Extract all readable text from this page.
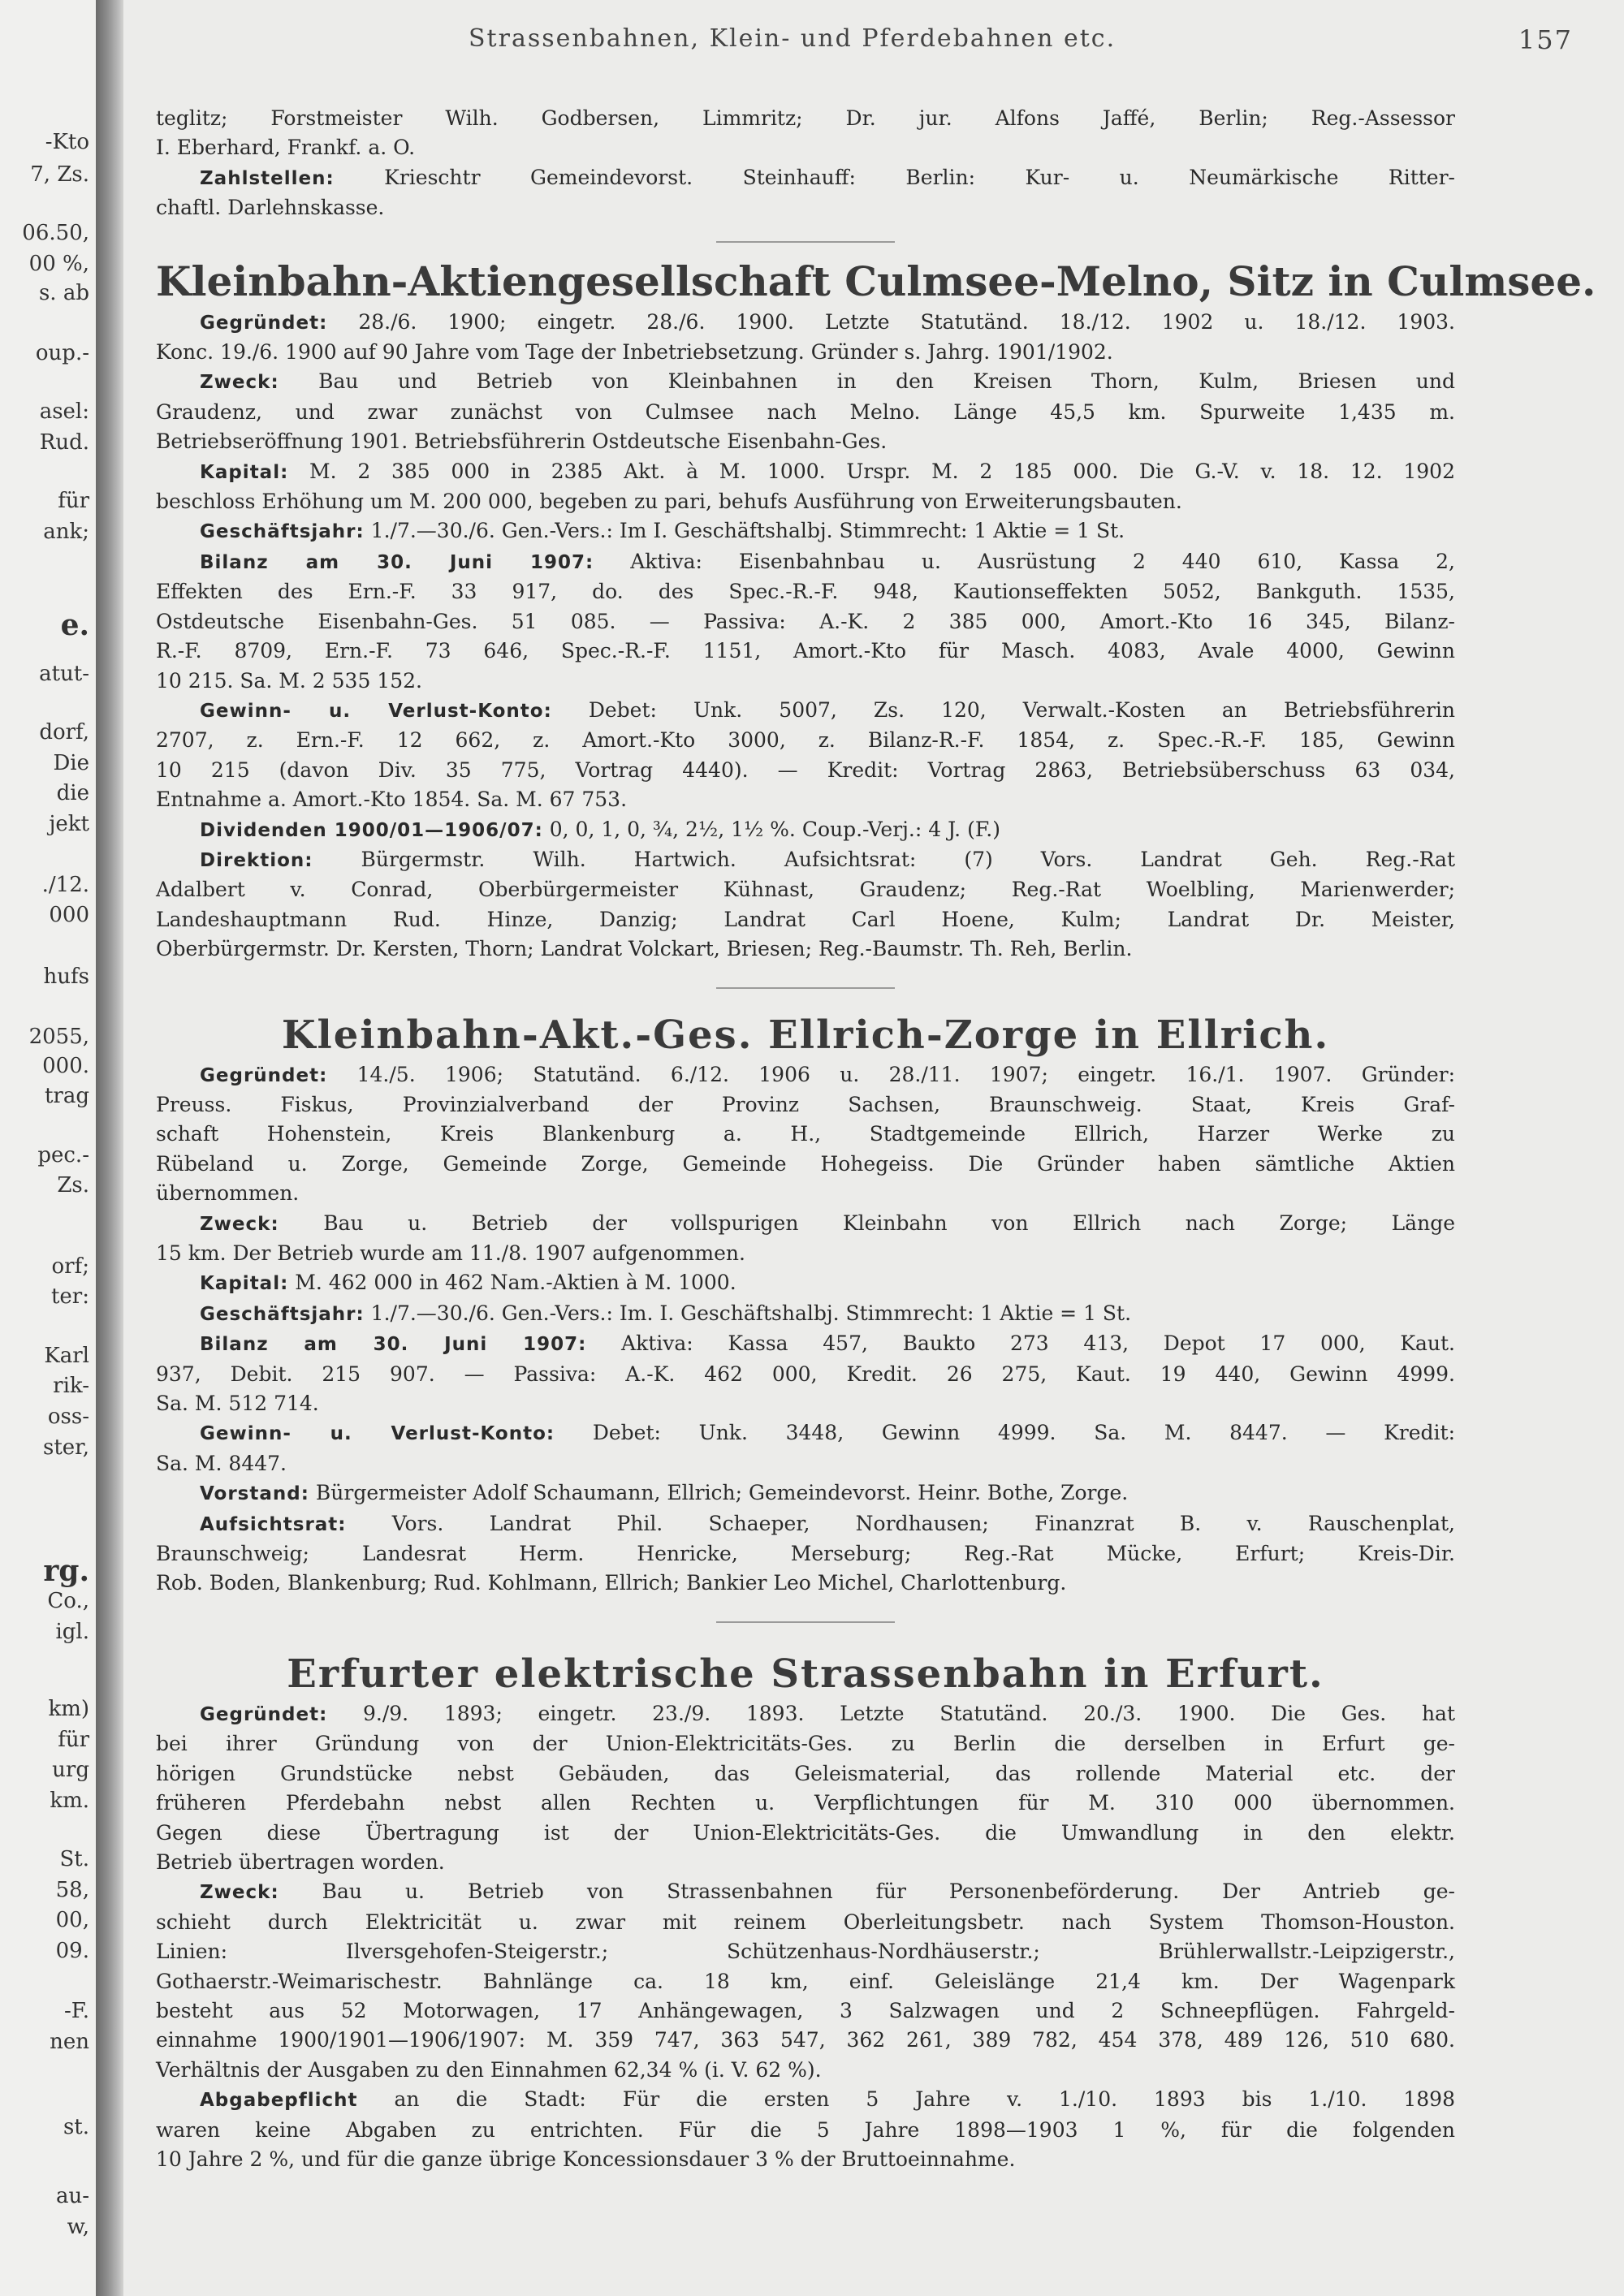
-Kto
7, Zs.
06.50,
00 %,
s. ab
oup.-
asel:
Rud.
für
ank;
e.
atut-
dorf,
Die
die
jekt
./12.
000
hufs
2055,
000.
trag
pec.-
Zs.
orf;
ter:
Karl
rik-
oss-
ster,
rg.
Co.,
igl.
km)
für
urg
km.
St.
58,
00,
09.
-F.
nen
st.
au-
w,
Strassenbahnen, Klein- und Pferdebahnen etc.	157

teglitz; Forstmeister Wilh. Godbersen, Limmritz; Dr. jur. Alfons Jaffé, Berlin; Reg.-Assessor

I. Eberhard, Frankf. a. O.

Zahlstellen: Krieschtr Gemeindevorst. Steinhauff: Berlin: Kur- u. Neumärkische Ritter-

chaftl. Darlehnskasse.

Kleinbahn-Aktiengesellschaft Culmsee-Melno, Sitz in Culmsee.

Gegründet: 28./6. 1900; eingetr. 28./6. 1900. Letzte Statutänd. 18./12. 1902 u. 18./12. 1903.

Konc. 19./6. 1900 auf 90 Jahre vom Tage der Inbetriebsetzung. Gründer s. Jahrg. 1901/1902.

Zweck: Bau und Betrieb von Kleinbahnen in den Kreisen Thorn, Kulm, Briesen und

Graudenz, und zwar zunächst von Culmsee nach Melno. Länge 45,5 km. Spurweite 1,435 m.

Betriebseröffnung 1901. Betriebsführerin Ostdeutsche Eisenbahn-Ges.

Kapital: M. 2 385 000 in 2385 Akt. à M. 1000. Urspr. M. 2 185 000. Die G.-V. v. 18. 12. 1902

beschloss Erhöhung um M. 200 000, begeben zu pari, behufs Ausführung von Erweiterungsbauten.

Geschäftsjahr: 1./7.—30./6. Gen.-Vers.: Im I. Geschäftshalbj. Stimmrecht: 1 Aktie = 1 St.

Bilanz am 30. Juni 1907: Aktiva: Eisenbahnbau u. Ausrüstung 2 440 610, Kassa 2,

Effekten des Ern.-F. 33 917, do. des Spec.-R.-F. 948, Kautionseffekten 5052, Bankguth. 1535,

Ostdeutsche Eisenbahn-Ges. 51 085. — Passiva: A.-K. 2 385 000, Amort.-Kto 16 345, Bilanz-

R.-F. 8709, Ern.-F. 73 646, Spec.-R.-F. 1151, Amort.-Kto für Masch. 4083, Avale 4000, Gewinn

10 215. Sa. M. 2 535 152.

Gewinn- u. Verlust-Konto: Debet: Unk. 5007, Zs. 120, Verwalt.-Kosten an Betriebsführerin

2707, z. Ern.-F. 12 662, z. Amort.-Kto 3000, z. Bilanz-R.-F. 1854, z. Spec.-R.-F. 185, Gewinn

10 215 (davon Div. 35 775, Vortrag 4440). — Kredit: Vortrag 2863, Betriebsüberschuss 63 034,

Entnahme a. Amort.-Kto 1854. Sa. M. 67 753.

Dividenden 1900/01—1906/07: 0, 0, 1, 0, ¾, 2½, 1½ %. Coup.-Verj.: 4 J. (F.)

Direktion: Bürgermstr. Wilh. Hartwich. Aufsichtsrat: (7) Vors. Landrat Geh. Reg.-Rat

Adalbert v. Conrad, Oberbürgermeister Kühnast, Graudenz; Reg.-Rat Woelbling, Marienwerder;

Landeshauptmann Rud. Hinze, Danzig; Landrat Carl Hoene, Kulm; Landrat Dr. Meister,

Oberbürgermstr. Dr. Kersten, Thorn; Landrat Volckart, Briesen; Reg.-Baumstr. Th. Reh, Berlin.

Kleinbahn-Akt.-Ges. Ellrich-Zorge in Ellrich.

Gegründet: 14./5. 1906; Statutänd. 6./12. 1906 u. 28./11. 1907; eingetr. 16./1. 1907. Gründer:

Preuss. Fiskus, Provinzialverband der Provinz Sachsen, Braunschweig. Staat, Kreis Graf-

schaft Hohenstein, Kreis Blankenburg a. H., Stadtgemeinde Ellrich, Harzer Werke zu

Rübeland u. Zorge, Gemeinde Zorge, Gemeinde Hohegeiss. Die Gründer haben sämtliche Aktien

übernommen.

Zweck: Bau u. Betrieb der vollspurigen Kleinbahn von Ellrich nach Zorge; Länge

15 km. Der Betrieb wurde am 11./8. 1907 aufgenommen.

Kapital: M. 462 000 in 462 Nam.-Aktien à M. 1000.

Geschäftsjahr: 1./7.—30./6. Gen.-Vers.: Im. I. Geschäftshalbj. Stimmrecht: 1 Aktie = 1 St.

Bilanz am 30. Juni 1907: Aktiva: Kassa 457, Baukto 273 413, Depot 17 000, Kaut.

937, Debit. 215 907. — Passiva: A.-K. 462 000, Kredit. 26 275, Kaut. 19 440, Gewinn 4999.

Sa. M. 512 714.

Gewinn- u. Verlust-Konto: Debet: Unk. 3448, Gewinn 4999. Sa. M. 8447. — Kredit:

Sa. M. 8447.

Vorstand: Bürgermeister Adolf Schaumann, Ellrich; Gemeindevorst. Heinr. Bothe, Zorge.

Aufsichtsrat: Vors. Landrat Phil. Schaeper, Nordhausen; Finanzrat B. v. Rauschenplat,

Braunschweig; Landesrat Herm. Henricke, Merseburg; Reg.-Rat Mücke, Erfurt; Kreis-Dir.

Rob. Boden, Blankenburg; Rud. Kohlmann, Ellrich; Bankier Leo Michel, Charlottenburg.

Erfurter elektrische Strassenbahn in Erfurt.

Gegründet: 9./9. 1893; eingetr. 23./9. 1893. Letzte Statutänd. 20./3. 1900. Die Ges. hat

bei ihrer Gründung von der Union-Elektricitäts-Ges. zu Berlin die derselben in Erfurt ge-

hörigen Grundstücke nebst Gebäuden, das Geleismaterial, das rollende Material etc. der

früheren Pferdebahn nebst allen Rechten u. Verpflichtungen für M. 310 000 übernommen.

Gegen diese Übertragung ist der Union-Elektricitäts-Ges. die Umwandlung in den elektr.

Betrieb übertragen worden.

Zweck: Bau u. Betrieb von Strassenbahnen für Personenbeförderung. Der Antrieb ge-

schieht durch Elektricität u. zwar mit reinem Oberleitungsbetr. nach System Thomson-Houston.

Linien: Ilversgehofen-Steigerstr.; Schützenhaus-Nordhäuserstr.; Brühlerwallstr.-Leipzigerstr.,

Gothaerstr.-Weimarischestr. Bahnlänge ca. 18 km, einf. Geleislänge 21,4 km. Der Wagenpark

besteht aus 52 Motorwagen, 17 Anhängewagen, 3 Salzwagen und 2 Schneepflügen. Fahrgeld-

einnahme 1900/1901—1906/1907: M. 359 747, 363 547, 362 261, 389 782, 454 378, 489 126, 510 680.

Verhältnis der Ausgaben zu den Einnahmen 62,34 % (i. V. 62 %).

Abgabepflicht an die Stadt: Für die ersten 5 Jahre v. 1./10. 1893 bis 1./10. 1898

waren keine Abgaben zu entrichten. Für die 5 Jahre 1898—1903 1 %, für die folgenden

10 Jahre 2 %, und für die ganze übrige Koncessionsdauer 3 % der Bruttoeinnahme.
